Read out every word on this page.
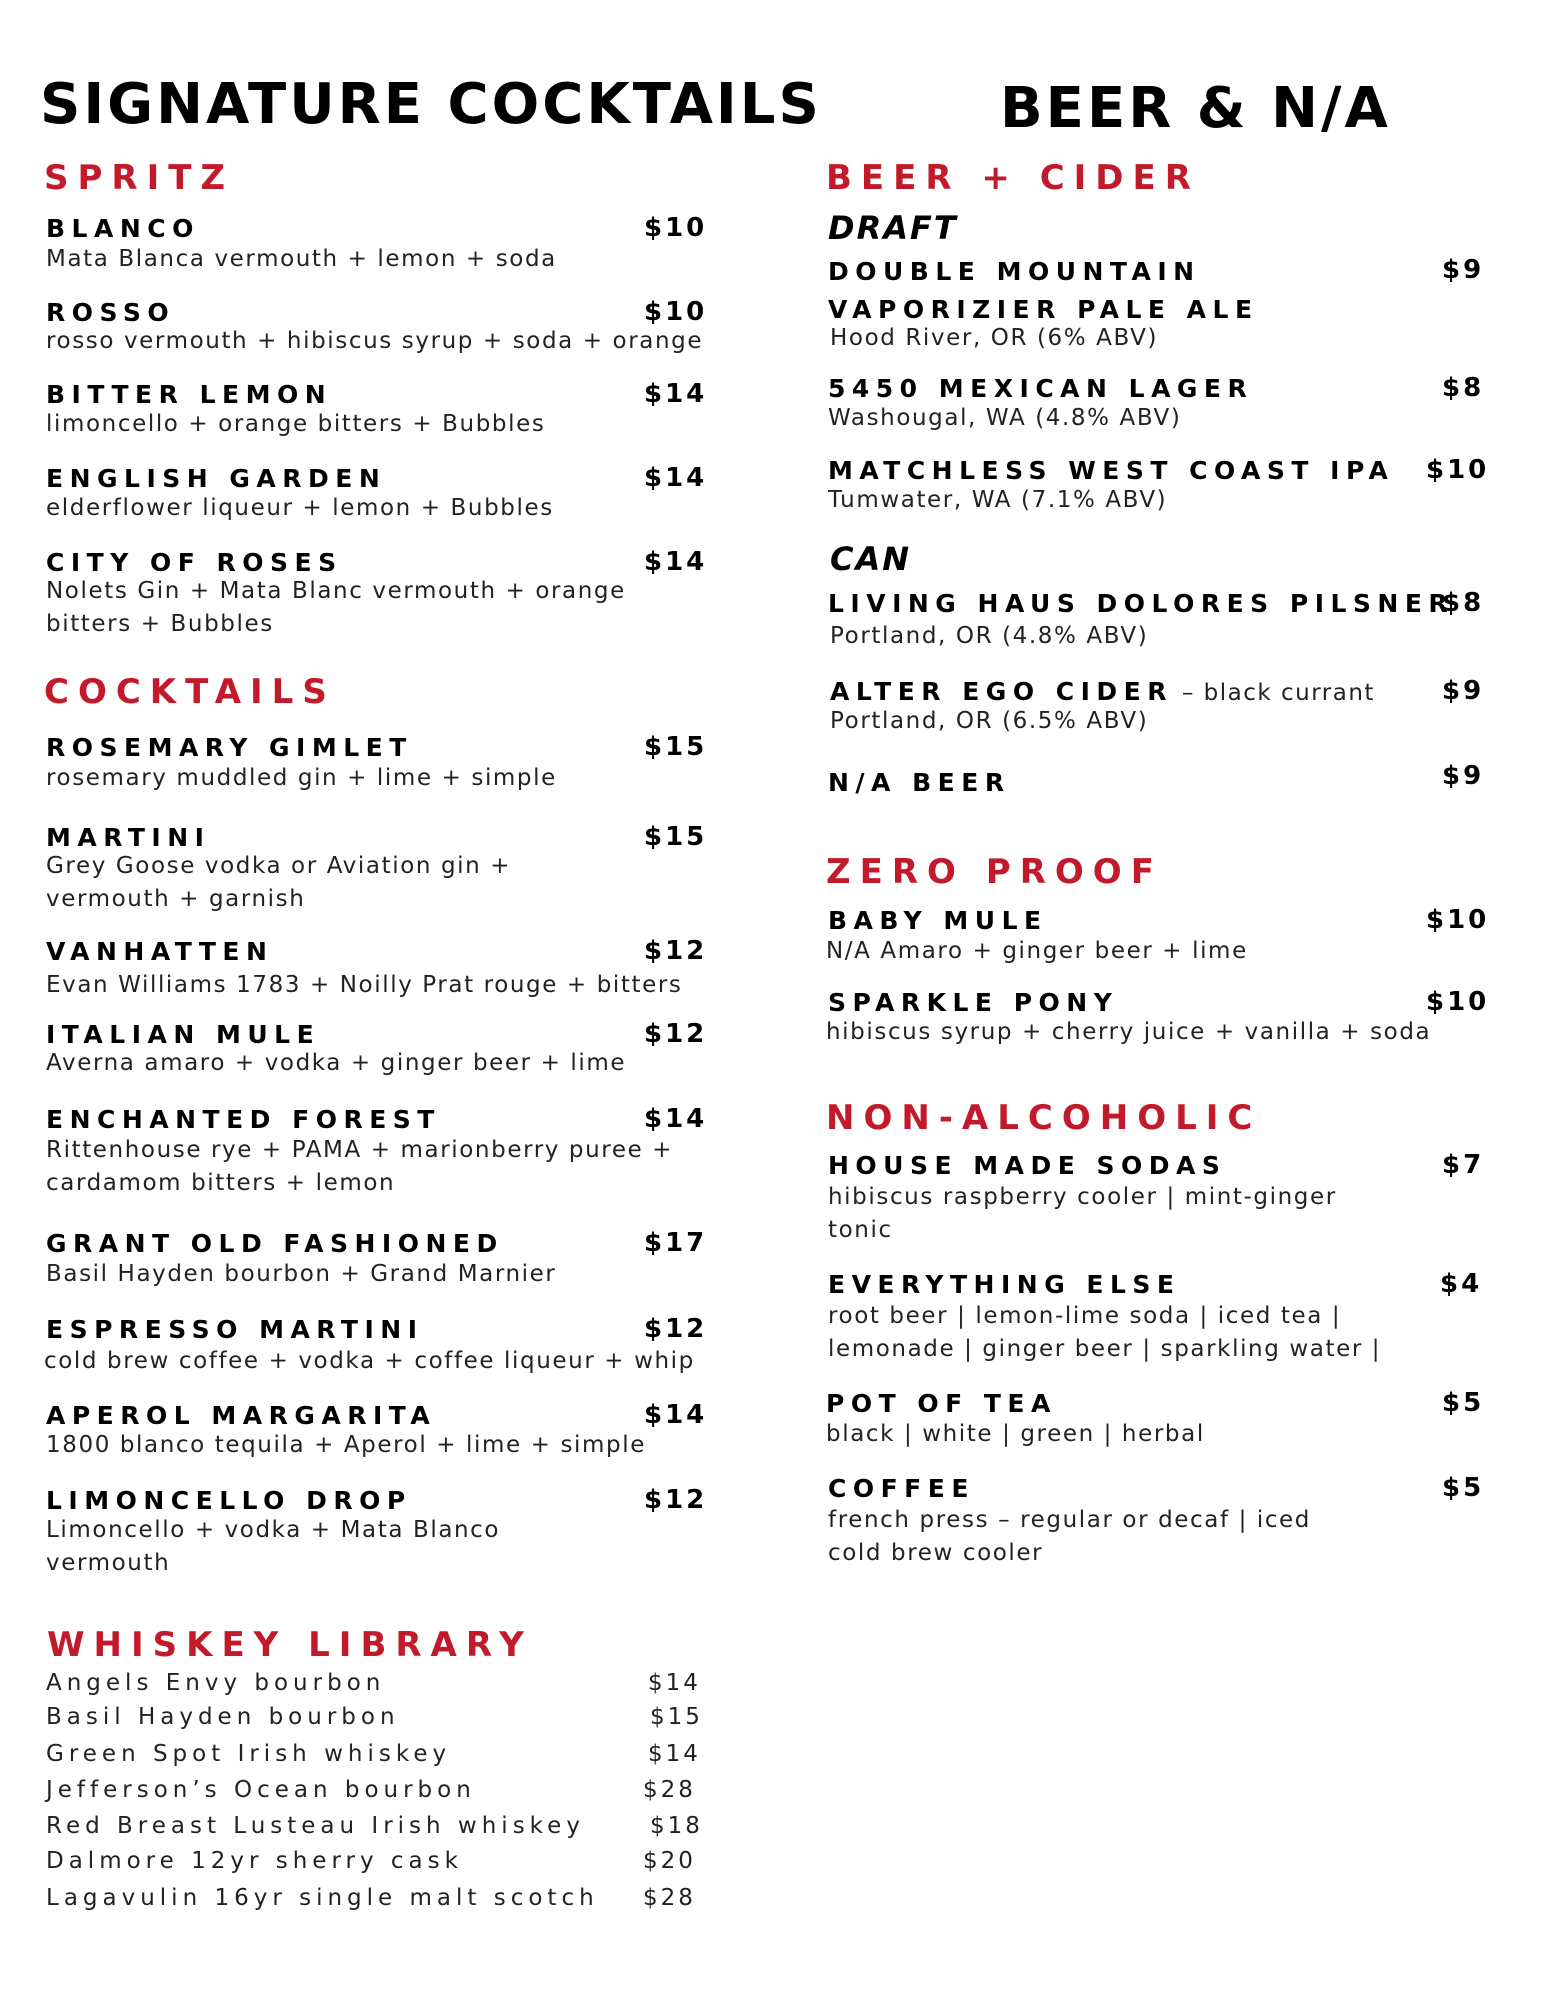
SIGNATURE COCKTAILS
SPRITZ
BLANCO	$10
Mata Blanca vermouth + lemon + soda
ROSSO	$10
rosso vermouth + hibiscus syrup + soda + orange
BITTER LEMON	$14
limoncello + orange bitters + Bubbles
ENGLISH GARDEN	$14
elderflower liqueur + lemon + Bubbles
CITY OF ROSES	$14
Nolets Gin + Mata Blanc vermouth + orange
bitters + Bubbles
COCKTAILS
ROSEMARY GIMLET	$15
rosemary muddled gin + lime + simple
MARTINI	$15
Grey Goose vodka or Aviation gin +
vermouth + garnish
VANHATTEN	$12
Evan Williams 1783 + Noilly Prat rouge + bitters
ITALIAN MULE	$12
Averna amaro + vodka + ginger beer + lime
ENCHANTED FOREST	$14
Rittenhouse rye + PAMA + marionberry puree +
cardamom bitters + lemon
GRANT OLD FASHIONED	$17
Basil Hayden bourbon + Grand Marnier
ESPRESSO MARTINI	$12
cold brew coffee + vodka + coffee liqueur + whip
APEROL MARGARITA	$14
1800 blanco tequila + Aperol + lime + simple
LIMONCELLO DROP	$12
Limoncello + vodka + Mata Blanco
vermouth
WHISKEY LIBRARY
Angels Envy bourbon	$14
Basil Hayden bourbon	$15
Green Spot Irish whiskey	$14
Jefferson’s Ocean bourbon	$28
Red Breast Lusteau Irish whiskey	$18
Dalmore 12yr sherry cask	$20
Lagavulin 16yr single malt scotch $28
BEER & N/A
BEER + CIDER
DRAFT
DOUBLE MOUNTAIN
VAPORIZIER PALE ALE
$9
Hood River, OR (6% ABV)
5450 MEXICAN LAGER	$8
Washougal, WA (4.8% ABV)
MATCHLESS WEST COAST IPA $10
Tumwater, WA (7.1% ABV)
CAN
LIVING HAUS DOLORES PILSNER
$8
Portland, OR (4.8% ABV)
ALTER EGO CIDER – black currant	$9
Portland, OR (6.5% ABV)
N/A BEER	$9
ZERO PROOF
BABY MULE	$10
N/A Amaro + ginger beer + lime
SPARKLE PONY	$10
hibiscus syrup + cherry juice + vanilla + soda
NON-ALCOHOLIC
HOUSE MADE SODAS	$7
hibiscus raspberry cooler | mint-ginger
tonic
EVERYTHING ELSE	$4
root beer | lemon-lime soda | iced tea |
lemonade | ginger beer | sparkling water |
POT OF TEA	$5
black | white | green | herbal
COFFEE	$5
french press – regular or decaf | iced
cold brew cooler
